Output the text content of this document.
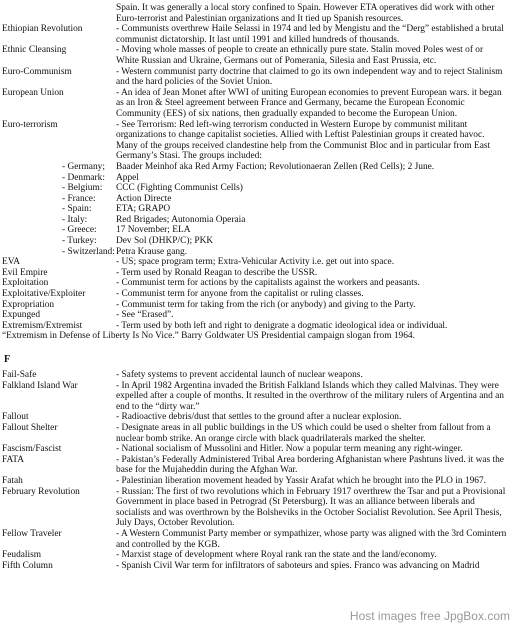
Spain. It was generally a local story confined to Spain. However ETA operatives did work with other Euro-terrorist and Palestinian organizations and It tied up Spanish resources.
Ethiopian Revolution	- Communists overthrew Haile Selassi in 1974 and led by Mengistu and the “Derg” established a brutal communist dictatorship. It last until 1991 and killed hundreds of thousands.
Ethnic Cleansing	- Moving whole masses of people to create an ethnically pure state. Stalin moved Poles west of or White Russian and Ukraine, Germans out of Pomerania, Silesia and East Prussia, etc.
Euro-Communism	- Western communist party doctrine that claimed to go its own independent way and to reject Stalinism and the hard policies of the Soviet Union.
European Union	- An idea of Jean Monet after WWI of uniting European economies to prevent European wars. it began as an Iron & Steel agreement between France and Germany, became the European Economic Community (EES) of six nations, then gradually expanded to become the European Union.
Euro-terrorism	- See Terrorism: Red left-wing terrorism conducted in Western Europe by communist militant organizations to change capitalist societies. Allied with Leftist Palestinian groups it created havoc. Many of the groups received clandestine help from the Communist Bloc and in particular from East Germany’s Stasi. The groups included:
- Germany;	Baader Meinhof aka Red Army Faction; Revolutionaeran Zellen (Red Cells); 2 June.
- Denmark:	Appel
- Belgium:	CCC (Fighting Communist Cells)
- France:	Action Directe
- Spain:	ETA; GRAPO
- Italy:	Red Brigades; Autonomia Operaia
- Greece:	17 November; ELA
- Turkey:	Dev Sol (DHKP/C); PKK
- Switzerland: Petra Krause gang.
EVA	- US; space program term; Extra-Vehicular Activity i.e. get out into space.
Evil Empire	- Term used by Ronald Reagan to describe the USSR.
Exploitation	- Communist term for actions by the capitalists against the workers and peasants.
Exploitative/Exploiter	- Communist term for anyone from the capitalist or ruling classes.
Expropriation	- Communist term for taking from the rich (or anybody) and giving to the Party.
Expunged	- See “Erased”.
Extremism/Extremist	- Term used by both left and right to denigrate a dogmatic ideological idea or individual.
“Extremism in Defense of Liberty Is No Vice.” Barry Goldwater US Presidential campaign slogan from 1964.
F
Fail-Safe	- Safety systems to prevent accidental launch of nuclear weapons.
Falkland Island War	- In April 1982 Argentina invaded the British Falkland Islands which they called Malvinas. They were expelled after a couple of months. It resulted in the overthrow of the military rulers of Argentina and an end to the “dirty war.”
Fallout	- Radioactive debris/dust that settles to the ground after a nuclear explosion.
Fallout Shelter	- Designate areas in all public buildings in the US which could be used o shelter from fallout from a nuclear bomb strike. An orange circle with black quadrilaterals marked the shelter.
Fascism/Fascist	- National socialism of Mussolini and Hitler. Now a popular term meaning any right-winger.
FATA	- Pakistan’s Federally Administered Tribal Area bordering Afghanistan where Pashtuns lived. it was the base for the Mujaheddin during the Afghan War.
Fatah	- Palestinian liberation movement headed by Yassir Arafat which he brought into the PLO in 1967.
February Revolution	- Russian: The first of two revolutions which in February 1917 overthrew the Tsar and put a Provisional Government in place based in Petrograd (St Petersburg). It was an alliance between liberals and socialists and was overthrown by the Bolsheviks in the October Socialist Revolution. See April Thesis, July Days, October Revolution.
Fellow Traveler	- A Western Communist Party member or sympathizer, whose party was aligned with the 3rd Comintern and controlled by the KGB.
Feudalism	- Marxist stage of development where Royal rank ran the state and the land/economy.
Fifth Column	- Spanish Civil War term for infiltrators of saboteurs and spies. Franco was advancing on Madrid
Host images free JpgBox.com
